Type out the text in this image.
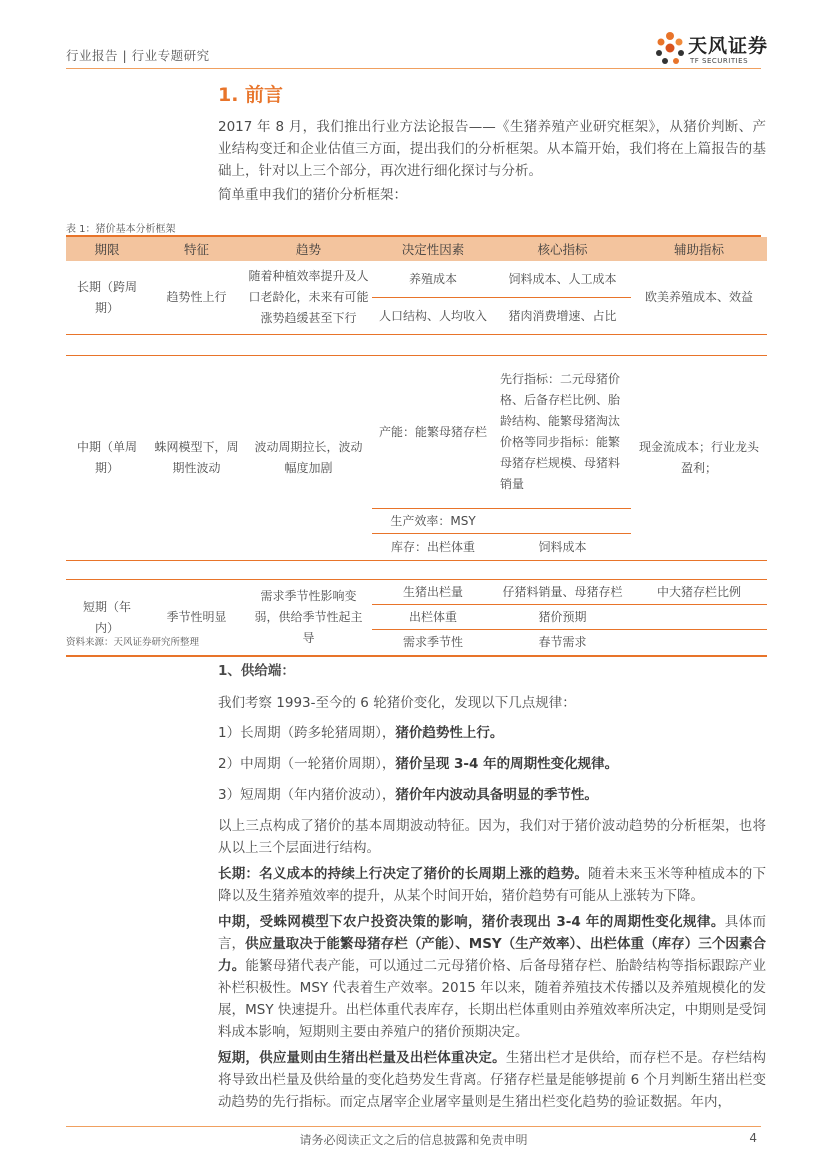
行业报告 | 行业专题研究	天风证券
TF SECURITIES
1. 前言
2017 年 8 月，我们推出行业方法论报告——《生猪养殖产业研究框架》，从猪价判断、产业结构变迁和企业估值三方面，提出我们的分析框架。从本篇开始，我们将在上篇报告的基础上，针对以上三个部分，再次进行细化探讨与分析。
简单重申我们的猪价分析框架：
表 1：猪价基本分析框架
期限	特征	趋势	决定性因素	核心指标	辅助指标
长期（跨周期）	趋势性上行	随着种植效率提升及人口老龄化，未来有可能涨势趋缓甚至下行	养殖成本	饲料成本、人工成本	欧美养殖成本、效益
			人口结构、人均收入	猪肉消费增速、占比	

中期（单周期）	蛛网模型下，周期性波动	波动周期拉长，波动幅度加剧	产能：能繁母猪存栏	先行指标：二元母猪价格、后备存栏比例、胎龄结构、能繁母猪淘汰价格等同步指标：能繁母猪存栏规模、母猪料销量	现金流成本；行业龙头盈利；
			生产效率：MSY		
			库存：出栏体重	饲料成本	

短期（年内）	季节性明显	需求季节性影响变弱，供给季节性起主导	生猪出栏量	仔猪料销量、母猪存栏	中大猪存栏比例
			出栏体重	猪价预期	
			需求季节性	春节需求	
资料来源：天风证券研究所整理
1、供给端：
我们考察 1993-至今的 6 轮猪价变化，发现以下几点规律：
1）长周期（跨多轮猪周期），猪价趋势性上行。
2）中周期（一轮猪价周期），猪价呈现 3-4 年的周期性变化规律。
3）短周期（年内猪价波动），猪价年内波动具备明显的季节性。
以上三点构成了猪价的基本周期波动特征。因为，我们对于猪价波动趋势的分析框架，也将从以上三个层面进行结构。
长期：名义成本的持续上行决定了猪价的长周期上涨的趋势。随着未来玉米等种植成本的下降以及生猪养殖效率的提升，从某个时间开始，猪价趋势有可能从上涨转为下降。
中期，受蛛网模型下农户投资决策的影响，猪价表现出 3-4 年的周期性变化规律。具体而言，供应量取决于能繁母猪存栏（产能）、MSY（生产效率）、出栏体重（库存）三个因素合力。能繁母猪代表产能，可以通过二元母猪价格、后备母猪存栏、胎龄结构等指标跟踪产业补栏积极性。MSY 代表着生产效率。2015 年以来，随着养殖技术传播以及养殖规模化的发展，MSY 快速提升。出栏体重代表库存，长期出栏体重则由养殖效率所决定，中期则是受饲料成本影响，短期则主要由养殖户的猪价预期决定。
短期，供应量则由生猪出栏量及出栏体重决定。生猪出栏才是供给，而存栏不是。存栏结构将导致出栏量及供给量的变化趋势发生背离。仔猪存栏量是能够提前 6 个月判断生猪出栏变动趋势的先行指标。而定点屠宰企业屠宰量则是生猪出栏变化趋势的验证数据。年内，
请务必阅读正文之后的信息披露和免责申明	4
